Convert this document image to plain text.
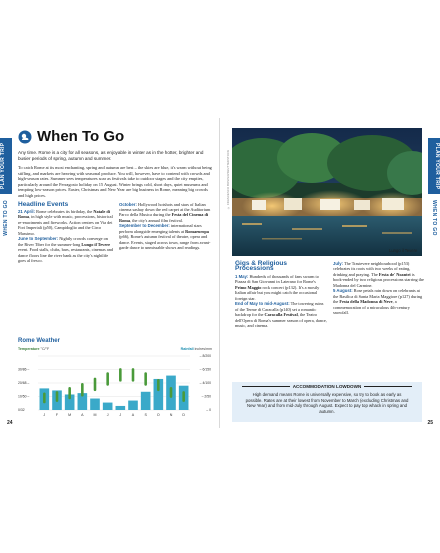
PLAN YOUR TRIP
WHEN TO GO
PLAN YOUR TRIP
WHEN TO GO
When To Go

Any time. Rome is a city for all seasons, as enjoyable in winter as in the hotter, brighter and busier periods of spring, autumn and summer.

To catch Rome at its most enchanting, spring and autumn are best – the skies are blue, it's warm without being stifling, and markets are heaving with seasonal produce. You will, however, have to contend with crowds and high-season rates. Summer sees temperatures soar as festivals take to outdoor stages and the city empties, particularly around the Ferragosto holiday on 15 August. Winter brings cold, short days, quiet museums and tempting low-season prices. Easter, Christmas and New Year are big business in Rome, meaning big crowds and high prices.

Headline Events

21 April: Rome celebrates its birthday, the Natale di Roma, in high style with music, processions, historical re-enactments and fireworks. Action centres on Via dei Fori Imperiali (p50), Campidoglio and the Circo Massimo.

June to September: Nightly crowds converge on the River Tiber for the summer-long Lungo il Tevere event. Food stalls, clubs, bars, restaurants, cinemas and dance floors line the river bank as the city's nightlife goes al fresco.

October: Hollywood hotshots and stars of Italian cinema sashay down the red carpet at the Auditorium Parco della Musica during the Festa del Cinema di Roma, the city's annual film festival.

September to December: international stars perform alongside emerging talents at Romaeuropa (p66), Rome's autumn festival of theatre, opera and dance. Events, staged across town, range from avant-garde dance to unmissable shows and readings.

Rome Weather
Temperature °C/°F	Rainfall inches/mm
J	F	M	A	M	J	J	A	S	O	N	D
30/86 –
20/68 –
10/50 –
0/32
– 8/200
– 6/150
– 4/100
– 2/50
– 0
24
© FRANCESCO BONINO/SHUTTERSTOCK
Lungo il Tevere
Gigs & Religious Processions

1 May: Hundreds of thousands of fans swarm to Piazza di San Giovanni in Laterano for Rome's Primo Maggio rock concert (p132). It's a mostly Italian affair but you might catch the occasional foreign star.

End of May to mid-August: The towering ruins of the Terme di Caracalla (p140) set a romantic backdrop for the Caracalla Festival, the Teatro dell'Opera di Roma's summer season of opera, dance, music, and cinema.

July: The Trastevere neighbourhood (p153) celebrates its roots with two weeks of eating, drinking and praying. The Festa de' Noantri is book-ended by two religious processions starring the Madonna del Carmine.

5 August: Rose petals rain down on celebrants at the Basilica di Santa Maria Maggiore (p127) during the Festa della Madonna di Neve, a commemoration of a miraculous 4th-century snowfall.

ACCOMMODATION LOWDOWN

High demand means Rome is universally expensive, so try to book as early as possible. Rates are at their lowest from November to March (excluding Christmas and New Year) and from mid-July through August. Expect to pay top whack in spring and autumn.

25
